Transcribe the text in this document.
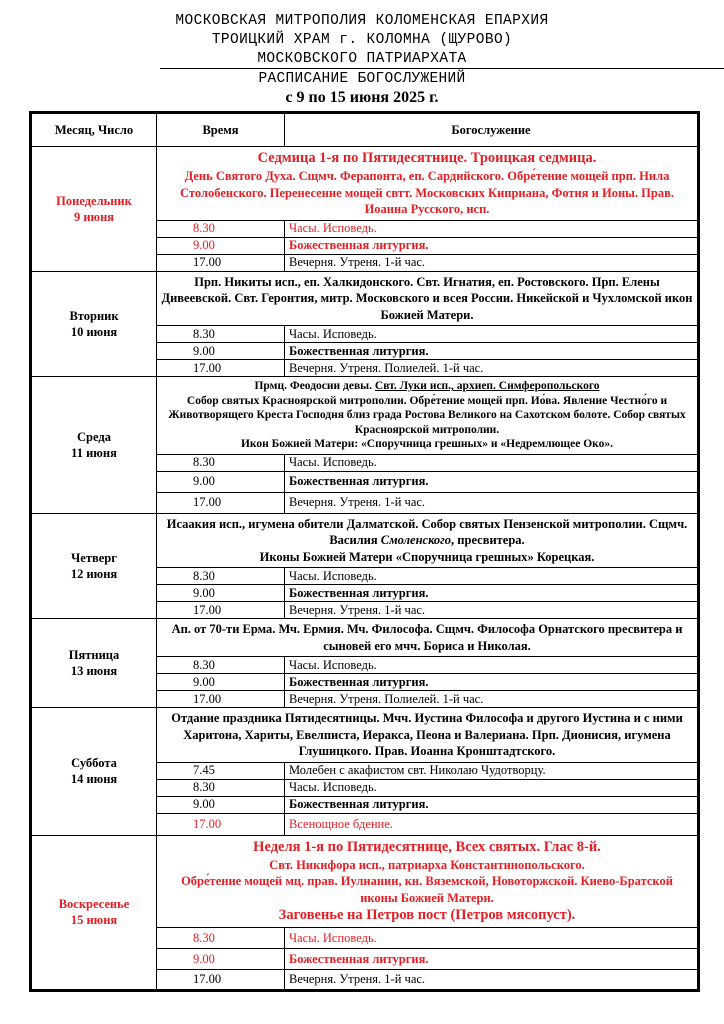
МОСКОВСКАЯ МИТРОПОЛИЯ КОЛОМЕНСКАЯ ЕПАРХИЯ
ТРОИЦКИЙ ХРАМ г. КОЛОМНА (ЩУРОВО)
МОСКОВСКОГО ПАТРИАРХАТА
РАСПИСАНИЕ БОГОСЛУЖЕНИЙ
с 9 по 15 июня 2025 г.
Месяц, Число	Время	Богослужение

Понедельник
9 июня	Седмица 1-я по Пятидесятнице. Троицкая седмица.
День Святого Духа. Сщмч. Ферапонта, еп. Сардийского. Обре́тение мощей прп. Нила Столобенского. Перенесение мощей свтт. Московских Киприана, Фотия и Ионы. Прав. Иоанна Русского, исп.	

	8.30	Часы. Исповедь.
	9.00	Божественная литургия.
	17.00	Вечерня. Утреня. 1-й час.

Вторник
10 июня	Прп. Никиты исп., еп. Халкидонского. Свт. Игнатия, еп. Ростовского. Прп. Елены Дивеевской. Свт. Геронтия, митр. Московского и всея России. Никейской и Чухломской икон Божией Матери.	

	8.30	Часы. Исповедь.
	9.00	Божественная литургия.
	17.00	Вечерня. Утреня. Полиелей. 1-й час.

Среда
11 июня	Прмц. Феодосии девы. Свт. Луки исп., архиеп. Симферопольского
Собор святых Красноярской митрополии. Обре́тение мощей прп. Ио́ва. Явление Честно́го и Животворящего Креста Господня близ града Ростова Великого на Сахотском болоте. Собор святых Красноярской митрополии.
Икон Божией Матери: «Споручница грешных» и «Недремлющее Око».	

	8.30	Часы. Исповедь.
	9.00	Божественная литургия.
	17.00	Вечерня. Утреня. 1-й час.

Четверг
12 июня	Исаакия исп., игумена обители Далматской. Собор святых Пензенской митрополии. Сщмч. Василия Смоленского, пресвитера.
Иконы Божией Матери «Споручница грешных» Корецкая.	

	8.30	Часы. Исповедь.
	9.00	Божественная литургия.
	17.00	Вечерня. Утреня. 1-й час.

Пятница
13 июня	Ап. от 70-ти Ерма. Мч. Ермия. Мч. Философа. Сщмч. Философа Орнатского пресвитера и сыновей его мчч. Бориса и Николая.	

	8.30	Часы. Исповедь.
	9.00	Божественная литургия.
	17.00	Вечерня. Утреня. Полиелей. 1-й час.

Суббота
14 июня	Отдание праздника Пятидесятницы. Мчч. Иустина Философа и другого Иустина и с ними Харитона, Хариты, Евелписта, Иеракса, Пеона и Валериана. Прп. Дионисия, игумена Глушицкого. Прав. Иоанна Кронштадтского.	

	7.45	Молебен с акафистом свт. Николаю Чудотворцу.
	8.30	Часы. Исповедь.
	9.00	Божественная литургия.
	17.00	Всенощное бдение.

Воскресенье
15 июня	Неделя 1-я по Пятидесятнице, Всех святых. Глас 8-й.
Свт. Никифора исп., патриарха Константинопольского.
Обре́тение мощей мц. прав. Иулиании, кн. Вяземской, Новоторжской. Киево-Братской иконы Божией Матери.
Заговенье на Петров пост (Петров мясопуст).	

	8.30	Часы. Исповедь.
	9.00	Божественная литургия.
	17.00	Вечерня. Утреня. 1-й час.
